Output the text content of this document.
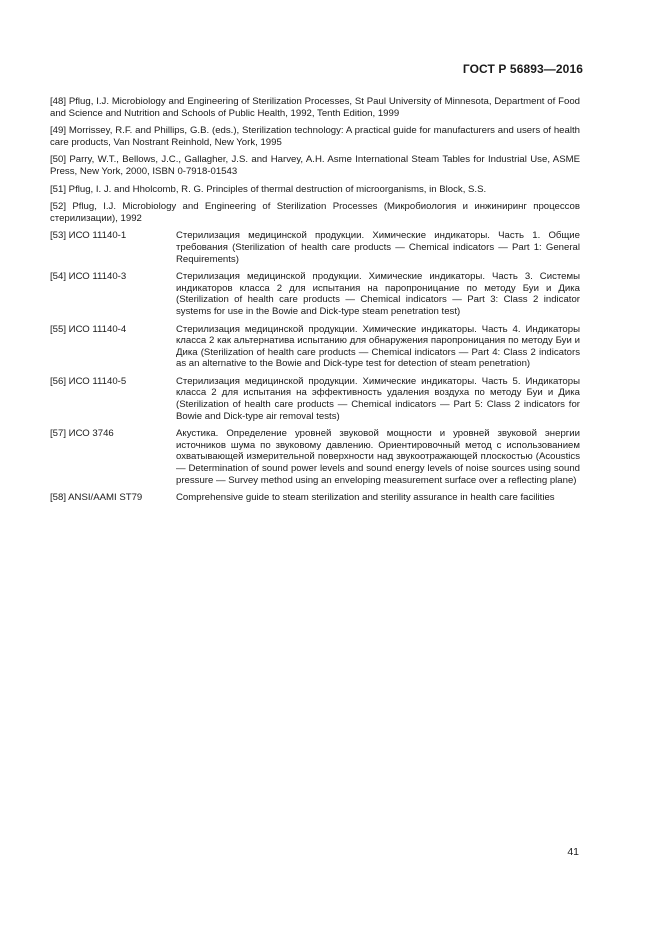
ГОСТ Р 56893—2016

[48] Pflug, I.J. Microbiology and Engineering of Sterilization Processes, St Paul University of Minnesota, Department of Food and Science and Nutrition and Schools of Public Health, 1992, Tenth Edition, 1999

[49] Morrissey, R.F. and Phillips, G.B. (eds.), Sterilization technology: A practical guide for manufacturers and users of health care products, Van Nostrant Reinhold, New York, 1995

[50] Parry, W.T., Bellows, J.C., Gallagher, J.S. and Harvey, A.H. Asme International Steam Tables for Industrial Use, ASME Press, New York, 2000, ISBN 0-7918-01543

[51] Pflug, I. J. and Hholcomb, R. G. Principles of thermal destruction of microorganisms, in Block, S.S.

[52] Pflug, I.J. Microbiology and Engineering of Sterilization Processes (Микробиология и инжиниринг процессов стерилизации), 1992

[53] ИСО 11140-1	Стерилизация медицинской продукции. Химические индикаторы. Часть 1. Общие требования (Sterilization of health care products — Chemical indicators — Part 1: General Requirements)
[54] ИСО 11140-3	Стерилизация медицинской продукции. Химические индикаторы. Часть 3. Системы индикаторов класса 2 для испытания на паропроницание по методу Буи и Дика (Sterilization of health care products — Chemical indicators — Part 3: Class 2 indicator systems for use in the Bowie and Dick-type steam penetration test)
[55] ИСО 11140-4	Стерилизация медицинской продукции. Химические индикаторы. Часть 4. Индикаторы класса 2 как альтернатива испытанию для обнаружения паропроницания по методу Буи и Дика (Sterilization of health care products — Chemical indicators — Part 4: Class 2 indicators as an alternative to the Bowie and Dick-type test for detection of steam penetration)
[56] ИСО 11140-5	Стерилизация медицинской продукции. Химические индикаторы. Часть 5. Индикаторы класса 2 для испытания на эффективность удаления воздуха по методу Буи и Дика (Sterilization of health care products — Chemical indicators — Part 5: Class 2 indicators for Bowie and Dick-type air removal tests)
[57] ИСО 3746	Акустика. Определение уровней звуковой мощности и уровней звуковой энергии источников шума по звуковому давлению. Ориентировочный метод с использованием охватывающей измерительной поверхности над звукоотражающей плоскостью (Acoustics — Determination of sound power levels and sound energy levels of noise sources using sound pressure — Survey method using an enveloping measurement surface over a reflecting plane)
[58] ANSI/AAMI ST79	Comprehensive guide to steam sterilization and sterility assurance in health care facilities
41
